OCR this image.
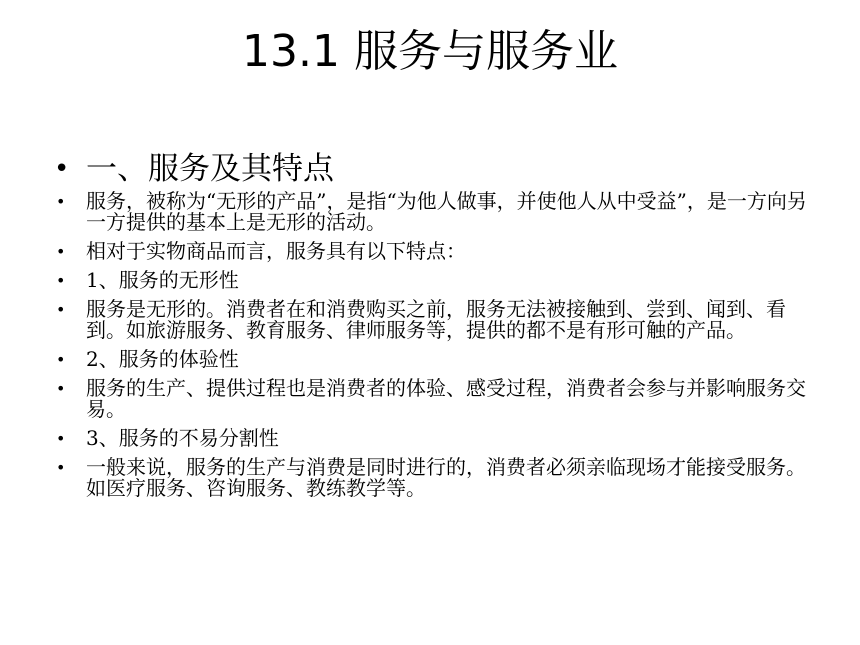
13.1 服务与服务业
• 一、服务及其特点
• 服务，被称为“无形的产品”，是指“为他人做事，并使他人从中受益”，是一方向另一方提供的基本上是无形的活动。
• 相对于实物商品而言，服务具有以下特点：
• 1、服务的无形性
• 服务是无形的。消费者在和消费购买之前，服务无法被接触到、尝到、闻到、看到。如旅游服务、教育服务、律师服务等，提供的都不是有形可触的产品。
• 2、服务的体验性
• 服务的生产、提供过程也是消费者的体验、感受过程，消费者会参与并影响服务交易。
• 3、服务的不易分割性
• 一般来说，服务的生产与消费是同时进行的，消费者必须亲临现场才能接受服务。如医疗服务、咨询服务、教练教学等。
